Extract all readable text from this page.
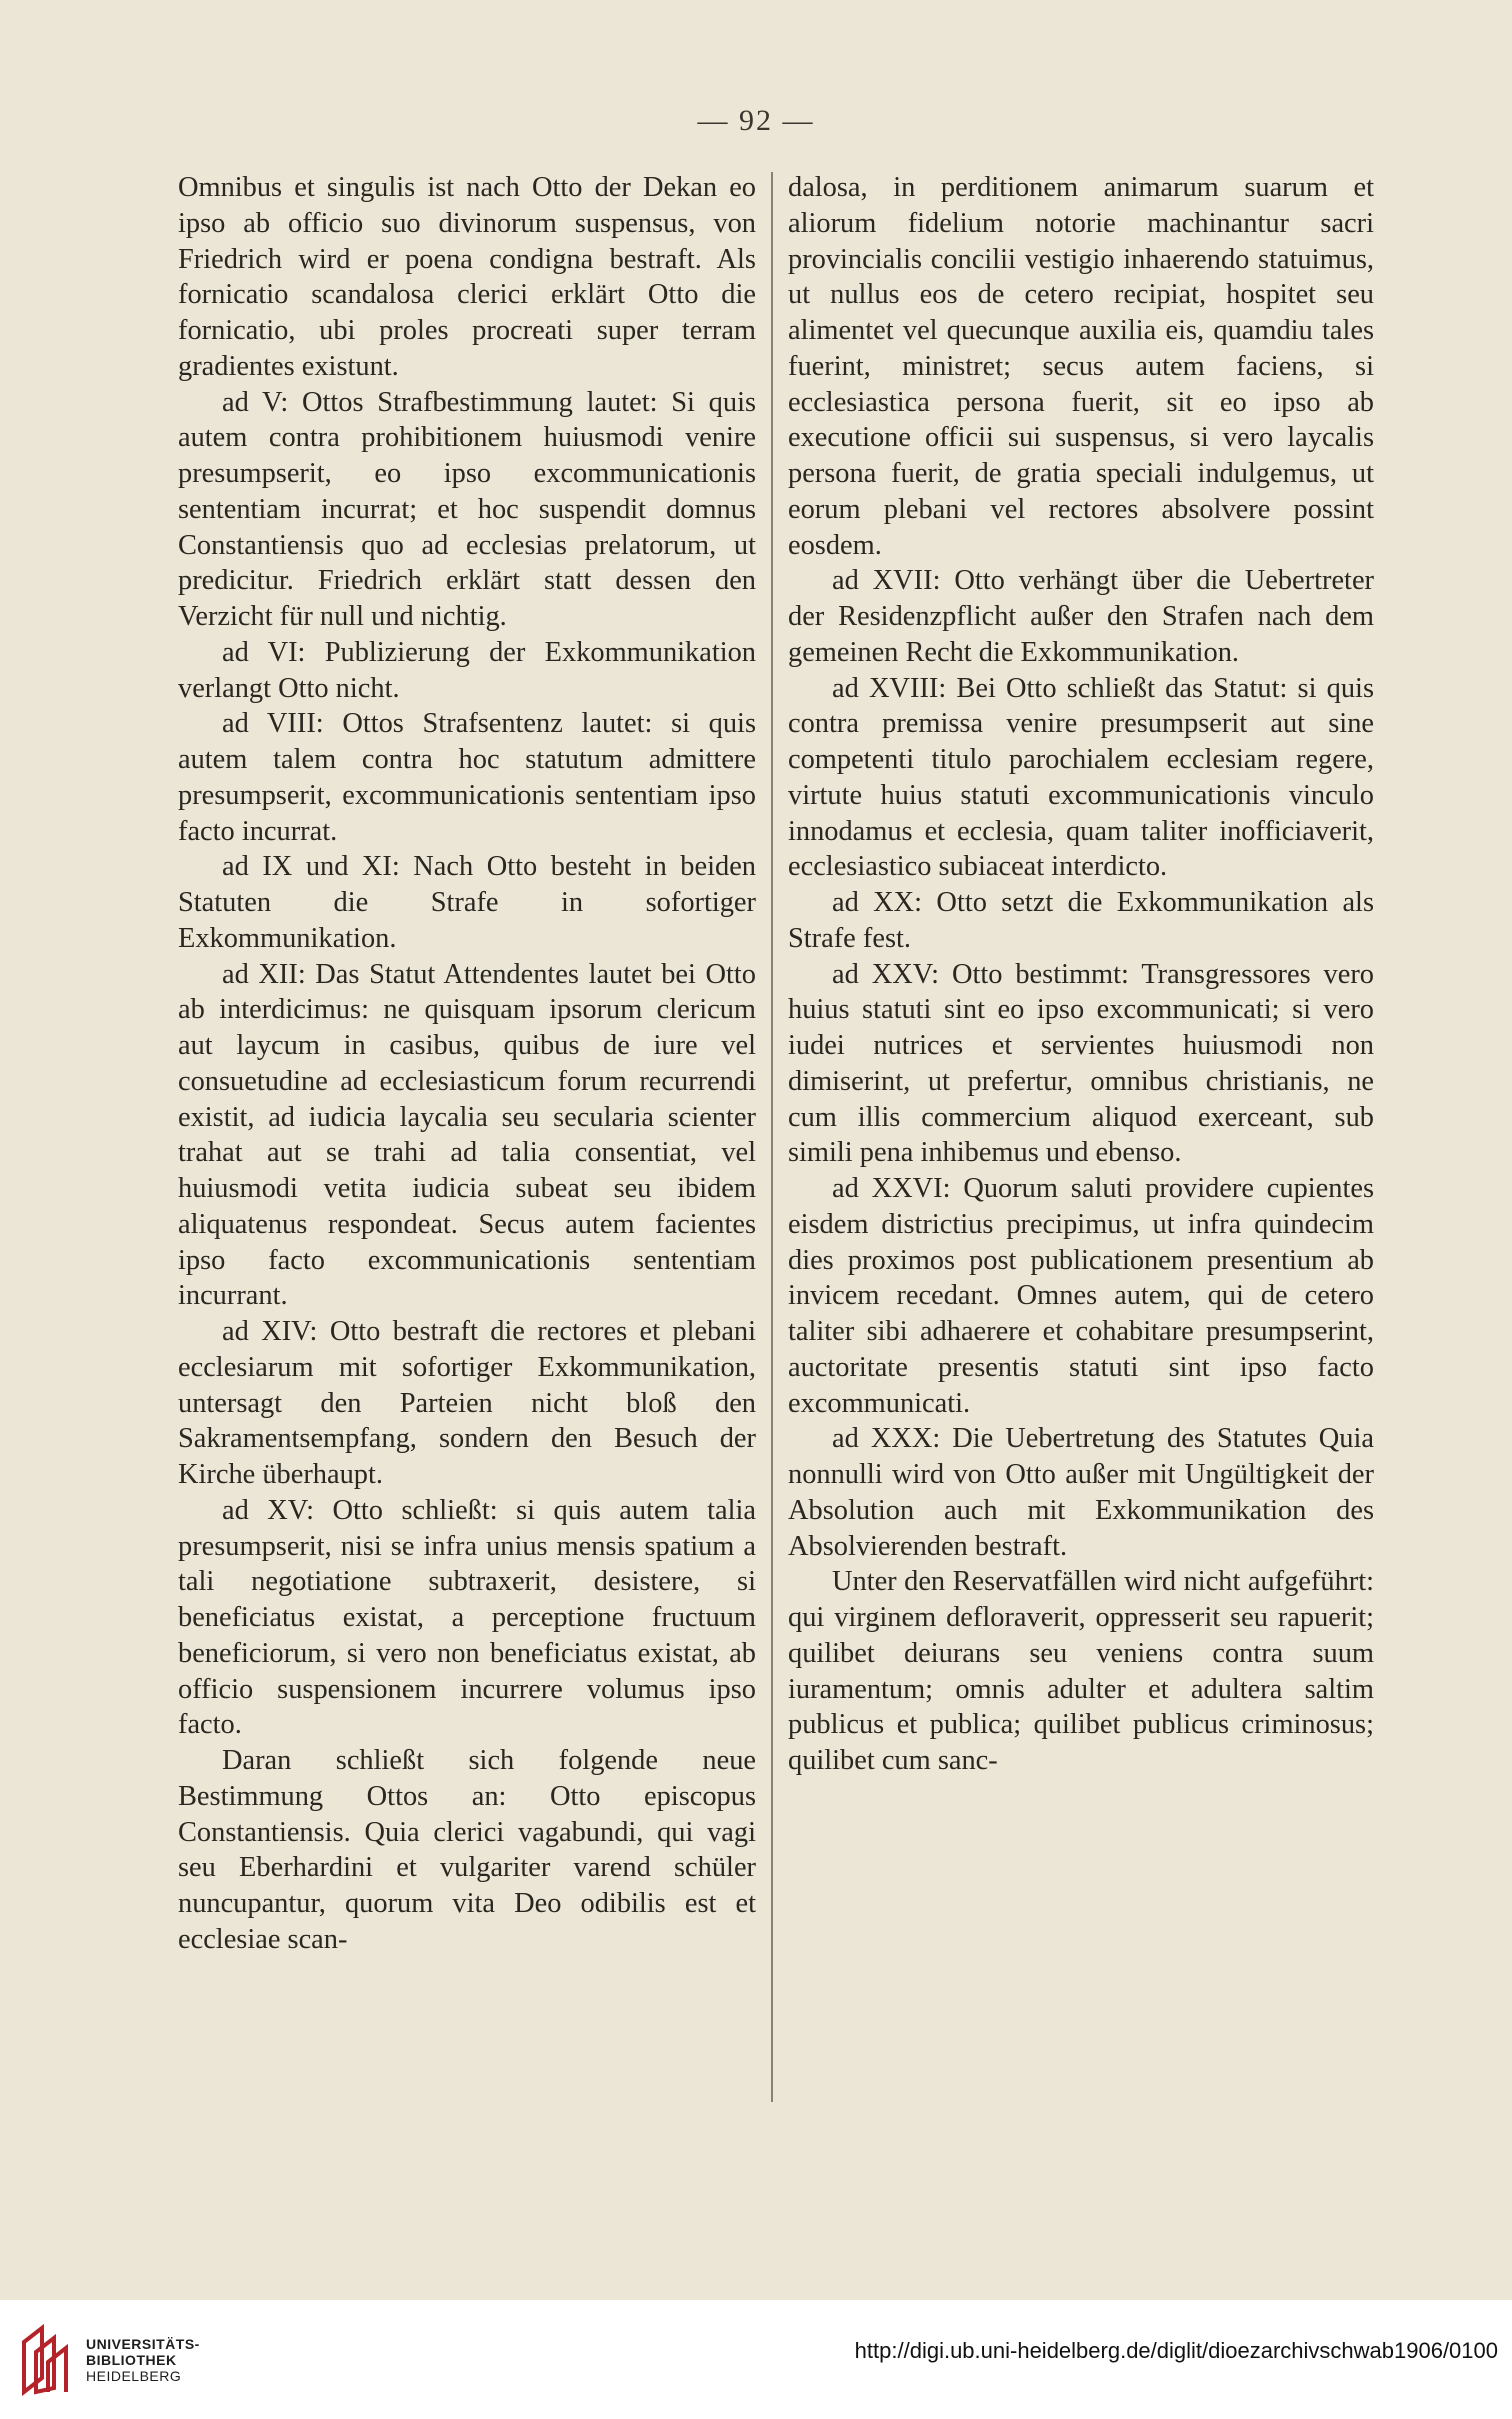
— 92 —

Omnibus et singulis ist nach Otto der Dekan eo ipso ab officio suo divinorum suspensus, von Friedrich wird er poena condigna bestraft. Als fornicatio scandalosa clerici erklärt Otto die fornicatio, ubi proles procreati super terram gradientes existunt.

ad V: Ottos Strafbestimmung lautet: Si quis autem contra prohibitionem huiusmodi venire presumpserit, eo ipso excommunicationis sententiam incurrat; et hoc suspendit domnus Constantiensis quo ad ecclesias prelatorum, ut predicitur. Friedrich erklärt statt dessen den Verzicht für null und nichtig.

ad VI: Publizierung der Exkommunikation verlangt Otto nicht.

ad VIII: Ottos Strafsentenz lautet: si quis autem talem contra hoc statutum admittere presumpserit, excommunicationis sententiam ipso facto incurrat.

ad IX und XI: Nach Otto besteht in beiden Statuten die Strafe in sofortiger Exkommunikation.

ad XII: Das Statut Attendentes lautet bei Otto ab interdicimus: ne quisquam ipsorum clericum aut laycum in casibus, quibus de iure vel consuetudine ad ecclesiasticum forum recurrendi existit, ad iudicia laycalia seu secularia scienter trahat aut se trahi ad talia consentiat, vel huiusmodi vetita iudicia subeat seu ibidem aliquatenus respondeat. Secus autem facientes ipso facto excommunicationis sententiam incurrant.

ad XIV: Otto bestraft die rectores et plebani ecclesiarum mit sofortiger Exkommunikation, untersagt den Parteien nicht bloß den Sakramentsempfang, sondern den Besuch der Kirche überhaupt.

ad XV: Otto schließt: si quis autem talia presumpserit, nisi se infra unius mensis spatium a tali negotiatione subtraxerit, desistere, si beneficiatus existat, a perceptione fructuum beneficiorum, si vero non beneficiatus existat, ab officio suspensionem incurrere volumus ipso facto.

Daran schließt sich folgende neue Bestimmung Ottos an: Otto episcopus Constantiensis. Quia clerici vagabundi, qui vagi seu Eberhardini et vulgariter varend schüler nuncupantur, quorum vita Deo odibilis est et ecclesiae scan-

dalosa, in perditionem animarum suarum et aliorum fidelium notorie machinantur sacri provincialis concilii vestigio inhaerendo statuimus, ut nullus eos de cetero recipiat, hospitet seu alimentet vel quecunque auxilia eis, quamdiu tales fuerint, ministret; secus autem faciens, si ecclesiastica persona fuerit, sit eo ipso ab executione officii sui suspensus, si vero laycalis persona fuerit, de gratia speciali indulgemus, ut eorum plebani vel rectores absolvere possint eosdem.

ad XVII: Otto verhängt über die Uebertreter der Residenzpflicht außer den Strafen nach dem gemeinen Recht die Exkommunikation.

ad XVIII: Bei Otto schließt das Statut: si quis contra premissa venire presumpserit aut sine competenti titulo parochialem ecclesiam regere, virtute huius statuti excommunicationis vinculo innodamus et ecclesia, quam taliter inofficiaverit, ecclesiastico subiaceat interdicto.

ad XX: Otto setzt die Exkommunikation als Strafe fest.

ad XXV: Otto bestimmt: Transgressores vero huius statuti sint eo ipso excommunicati; si vero iudei nutrices et servientes huiusmodi non dimiserint, ut prefertur, omnibus christianis, ne cum illis commercium aliquod exerceant, sub simili pena inhibemus und ebenso.

ad XXVI: Quorum saluti providere cupientes eisdem districtius precipimus, ut infra quindecim dies proximos post publicationem presentium ab invicem recedant. Omnes autem, qui de cetero taliter sibi adhaerere et cohabitare presumpserint, auctoritate presentis statuti sint ipso facto excommunicati.

ad XXX: Die Uebertretung des Statutes Quia nonnulli wird von Otto außer mit Ungültigkeit der Absolution auch mit Exkommunikation des Absolvierenden bestraft.

Unter den Reservatfällen wird nicht aufgeführt: qui virginem defloraverit, oppresserit seu rapuerit; quilibet deiurans seu veniens contra suum iuramentum; omnis adulter et adultera saltim publicus et publica; quilibet publicus criminosus; quilibet cum sanc-

UNIVERSITÄTS-
BIBLIOTHEK
HEIDELBERG
http://digi.ub.uni-heidelberg.de/diglit/dioezarchivschwab1906/0100
